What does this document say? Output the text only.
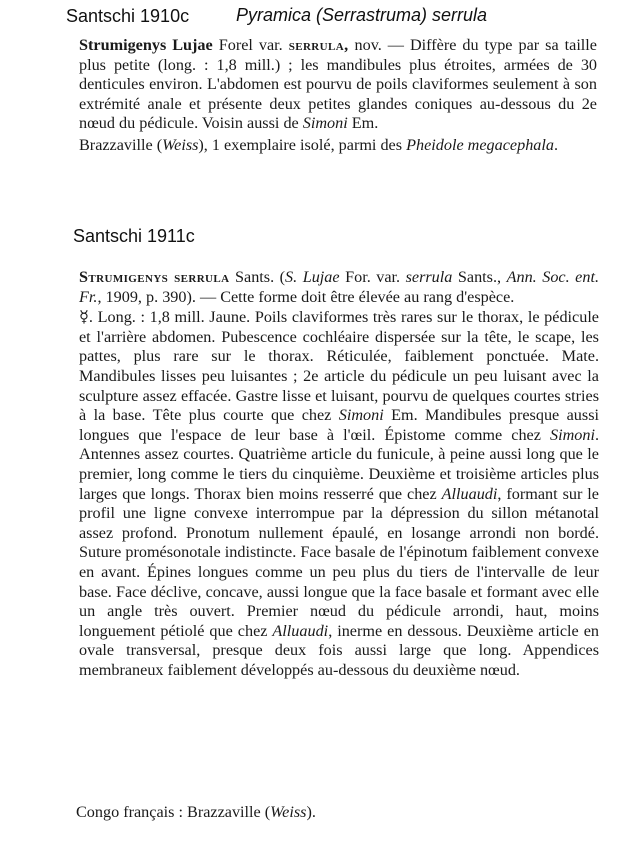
Santschi 1910c	Pyramica (Serrastruma) serrula

Strumigenys Lujae Forel var. serrula, nov. — Diffère du type par sa taille plus petite (long. : 1,8 mill.) ; les mandibules plus étroites, armées de 30 denticules environ. L'abdomen est pourvu de poils claviformes seulement à son extrémité anale et présente deux petites glandes coniques au-dessous du 2e nœud du pédicule. Voisin aussi de Simoni Em.

Brazzaville (Weiss), 1 exemplaire isolé, parmi des Pheidole megacephala.

Santschi 1911c

Strumigenys serrula Sants. (S. Lujae For. var. serrula Sants., Ann. Soc. ent. Fr., 1909, p. 390). — Cette forme doit être élevée au rang d'espèce.

☿. Long. : 1,8 mill. Jaune. Poils claviformes très rares sur le thorax, le pédicule et l'arrière abdomen. Pubescence cochléaire dispersée sur la tête, le scape, les pattes, plus rare sur le thorax. Réticulée, faiblement ponctuée. Mate. Mandibules lisses peu luisantes ; 2e article du pédicule un peu luisant avec la sculpture assez effacée. Gastre lisse et luisant, pourvu de quelques courtes stries à la base. Tête plus courte que chez Simoni Em. Mandibules presque aussi longues que l'espace de leur base à l'œil. Épistome comme chez Simoni. Antennes assez courtes. Quatrième article du funicule, à peine aussi long que le premier, long comme le tiers du cinquième. Deuxième et troisième articles plus larges que longs. Thorax bien moins resserré que chez Alluaudi, formant sur le profil une ligne convexe interrompue par la dépression du sillon métanotal assez profond. Pronotum nullement épaulé, en losange arrondi non bordé. Suture promésonotale indistincte. Face basale de l'épinotum faiblement convexe en avant. Épines longues comme un peu plus du tiers de l'intervalle de leur base. Face déclive, concave, aussi longue que la face basale et formant avec elle un angle très ouvert. Premier nœud du pédicule arrondi, haut, moins longuement pétiolé que chez Alluaudi, inerme en dessous. Deuxième article en ovale transversal, presque deux fois aussi large que long. Appendices membraneux faiblement développés au-dessous du deuxième nœud.

Congo français : Brazzaville (Weiss).
